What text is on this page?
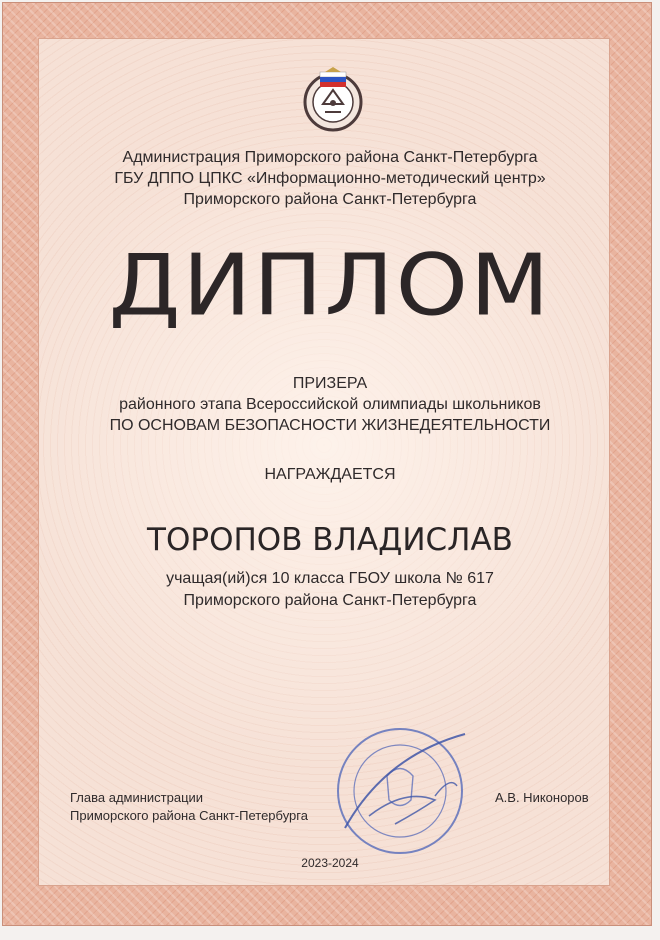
Администрация Приморского района Санкт-Петербурга
ГБУ ДППО ЦПКС «Информационно-методический центр»
Приморского района Санкт-Петербурга
ДИПЛОМ
ПРИЗЕРА
районного этапа Всероссийской олимпиады школьников
ПО ОСНОВАМ БЕЗОПАСНОСТИ ЖИЗНЕДЕЯТЕЛЬНОСТИ
НАГРАЖДАЕТСЯ
ТОРОПОВ ВЛАДИСЛАВ
учащая(ий)ся 10 класса ГБОУ школа № 617
Приморского района Санкт-Петербурга
Глава администрации
Приморского района Санкт-Петербурга
А.В. Никоноров
2023-2024
